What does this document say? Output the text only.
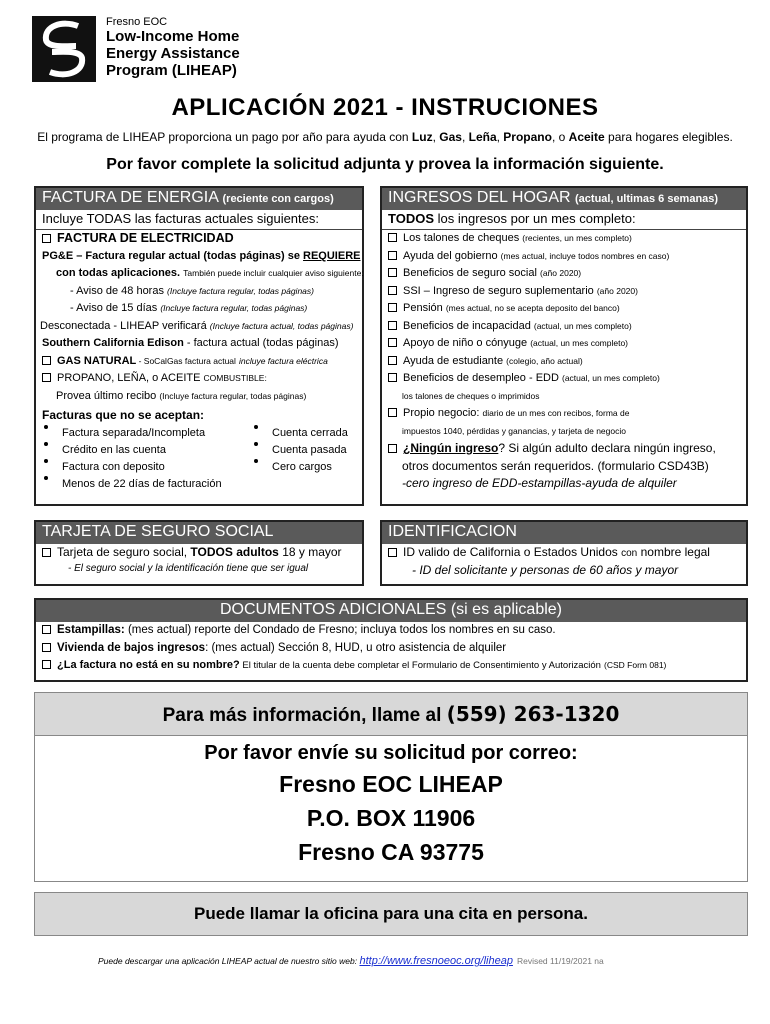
Fresno EOC
Low-Income Home
Energy Assistance
Program (LIHEAP)
APLICACIÓN 2021 - INSTRUCIONES
El programa de LIHEAP proporciona un pago por año para ayuda con Luz, Gas, Leña, Propano, o Aceite para hogares elegibles.
Por favor complete la solicitud adjunta y provea la información siguiente.
FACTURA DE ENERGIA (reciente con cargos)
Incluye TODAS las facturas actuales siguientes:
FACTURA DE ELECTRICIDAD
PG&E – Factura regular actual (todas páginas) se REQUIERE
con todas aplicaciones. También puede incluir cualquier aviso siguiente:
- Aviso de 48 horas (Incluye factura regular, todas páginas)
- Aviso de 15 días (Incluye factura regular, todas páginas)
Desconectada - LIHEAP verificará (Incluye factura actual, todas páginas)
Southern California Edison - factura actual (todas páginas)
GAS NATURAL - SoCalGas factura actual incluye factura eléctrica
PROPANO, LEÑA, o ACEITE COMBUSTIBLE:
Provea último recibo (Incluye factura regular, todas páginas)
Facturas que no se aceptan:
Factura separada/Incompleta
Crédito en las cuenta
Factura con deposito
Menos de 22 días de facturación
Cuenta cerrada
Cuenta pasada
Cero cargos
INGRESOS DEL HOGAR (actual, ultimas 6 semanas)
TODOS los ingresos por un mes completo:
Los talones de cheques (recientes, un mes completo)
Ayuda del gobierno (mes actual, incluye todos nombres en caso)
Beneficios de seguro social (año 2020)
SSI – Ingreso de seguro suplementario (año 2020)
Pensión (mes actual, no se acepta deposito del banco)
Beneficios de incapacidad (actual, un mes completo)
Apoyo de niño o cónyuge (actual, un mes completo)
Ayuda de estudiante (colegio, año actual)
Beneficios de desempleo - EDD (actual, un mes completo)
los talones de cheques o imprimidos
Propio negocio: diario de un mes con recibos, forma de
impuestos 1040, pérdidas y ganancias, y tarjeta de negocio
¿Ningún ingreso? Si algún adulto declara ningún ingreso,
otros documentos serán requeridos. (formulario CSD43B)
-cero ingreso de EDD-estampillas-ayuda de alquiler
TARJETA DE SEGURO SOCIAL
Tarjeta de seguro social, TODOS adultos 18 y mayor
- El seguro social y la identificación tiene que ser igual
IDENTIFICACION
ID valido de California o Estados Unidos con nombre legal
- ID del solicitante y personas de 60 años y mayor
DOCUMENTOS ADICIONALES (si es aplicable)
Estampillas: (mes actual) reporte del Condado de Fresno; incluya todos los nombres en su caso.
Vivienda de bajos ingresos: (mes actual) Sección 8, HUD, u otro asistencia de alquiler
¿La factura no está en su nombre? El titular de la cuenta debe completar el Formulario de Consentimiento y Autorización (CSD Form 081)
Para más información, llame al (559) 263-1320
Por favor envíe su solicitud por correo:
Fresno EOC LIHEAP
P.O. BOX 11906
Fresno CA 93775
Puede llamar la oficina para una cita en persona.
Puede descargar una aplicación LIHEAP actual de nuestro sitio web: http://www.fresnoeoc.org/liheap Revised 11/19/2021 na
